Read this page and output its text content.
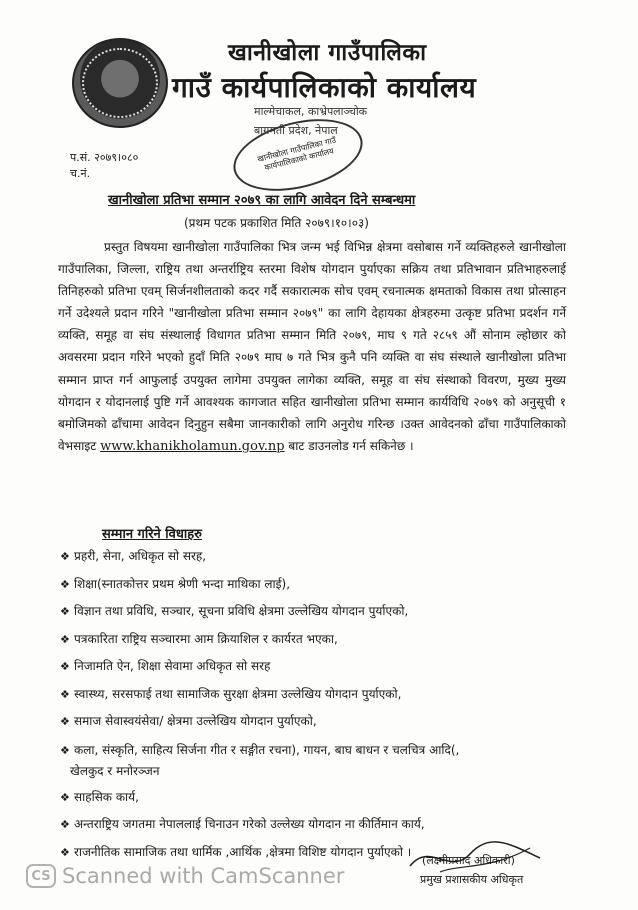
खानीखोला गाउँपालिका
गाउँ कार्यपालिकाको कार्यालय
माल्मेचाकल, काभ्रेपलाञ्चोक
बागमती प्रदेश, नेपाल
खानीखोला गाउँपालिका गाउँ कार्यपालिकाको कार्यालय
प.सं. २०७९।०८०
च.नं.
खानीखोला प्रतिभा सम्मान २०७९ का लागि आवेदन दिने सम्बन्धमा
(प्रथम पटक प्रकाशित मिति २०७९।१०।०३)
प्रस्तुत विषयमा खानीखोला गाउँपालिका भित्र जन्म भई विभिन्न क्षेत्रमा वसोबास गर्ने व्यक्तिहरुले खानीखोला गाउँपालिका, जिल्ला, राष्ट्रिय तथा अन्तर्राष्ट्रिय स्तरमा विशेष योगदान पुर्याएका सक्रिय तथा प्रतिभावान प्रतिभाहरुलाई तिनिहरुको प्रतिभा एवम् सिर्जनशीलताको कदर गर्दै सकारात्मक सोच एवम् रचनात्मक क्षमताको विकास तथा प्रोत्साहन गर्ने उदेश्यले प्रदान गरिने "खानीखोला प्रतिभा सम्मान २०७९" का लागि देहायका क्षेत्रहरुमा उत्कृष्ट प्रतिभा प्रदर्शन गर्ने व्यक्ति, समूह वा संघ संस्थालाई विधागत प्रतिभा सम्मान मिति २०७९, माघ ९ गते २८५९ औं सोनाम ल्होछार को अवसरमा प्रदान गरिने भएको हुदाँ मिति २०७९ माघ ७ गते भित्र कुनै पनि व्यक्ति वा संघ संस्थाले खानीखोला प्रतिभा सम्मान प्राप्त गर्न आफुलाई उपयुक्त लागेमा उपयुक्त लागेका व्यक्ति, समूह वा संघ संस्थाको विवरण, मुख्य मुख्य योगदान र योदानलाई पुष्टि गर्ने आवश्यक कागजात सहित खानीखोला प्रतिभा सम्मान कार्यविधि २०७९ को अनुसूची १ बमोजिमको ढाँचामा आवेदन दिनुहुन सबैमा जानकारीको लागि अनुरोध गरिन्छ ।उक्त आवेदनको ढाँचा गाउँपालिकाको वेभसाइट www.khanikholamun.gov.np बाट डाउनलोड गर्न सकिनेछ ।
सम्मान गरिने विधाहरु
❖ प्रहरी, सेना, अधिकृत सो सरह,
❖ शिक्षा(स्नातकोत्तर प्रथम श्रेणी भन्दा माथिका लाई),
❖ विज्ञान तथा प्रविधि, सञ्चार, सूचना प्रविधि क्षेत्रमा उल्लेखिय योगदान पुर्याएको,
❖ पत्रकारिता राष्ट्रिय सञ्चारमा आम क्रियाशिल र कार्यरत भएका,
❖ निजामति ऐन, शिक्षा सेवामा अधिकृत सो सरह
❖ स्वास्थ्य, सरसफाई तथा सामाजिक सुरक्षा क्षेत्रमा उल्लेखिय योगदान पुर्याएको,
❖ समाज सेवास्वयंसेवा/ क्षेत्रमा उल्लेखिय योगदान पुर्याएको,
❖ कला, संस्कृति, साहित्य सिर्जना गीत र सङ्गीत रचना), गायन, बाघ बाधन र चलचित्र आदि(,
खेलकुद र मनोरञ्जन
❖ साहसिक कार्य,
❖ अन्तराष्ट्रिय जगतमा नेपाललाई चिनाउन गरेको उल्लेख्य योगदान ना कीर्तिमान कार्य,
❖ राजनीतिक सामाजिक तथा धार्मिक ,आर्थिक ,क्षेत्रमा विशिष्ट योगदान पुर्याएको ।
(लक्ष्मीप्रसाद अधिकारी)
प्रमुख प्रशासकीय अधिकृत
CS Scanned with CamScanner
